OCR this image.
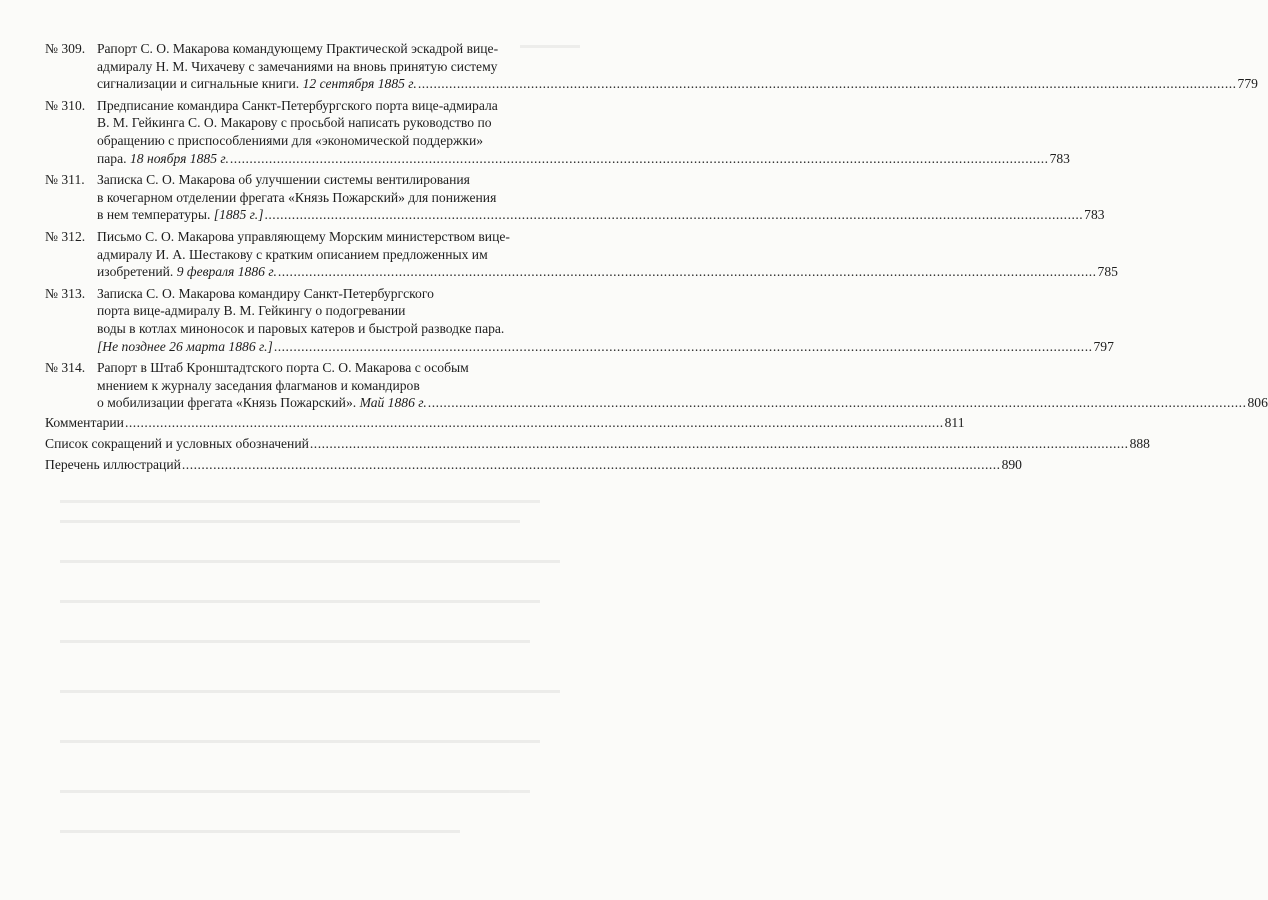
№ 309. Рапорт С. О. Макарова командующему Практической эскадрой вице-
адмиралу Н. М. Чихачеву с замечаниями на вновь принятую систему
сигнализации и сигнальные книги.
12 сентября 1885 г. .....	779
№ 310. Предписание командира Санкт-Петербургского порта вице-адмирала
В. М. Гейкинга С. О. Макарову с просьбой написать руководство по
обращению с приспособлениями для «экономической поддержки»
пара.
18 ноября 1885 г. .....	783
№ 311. Записка С. О. Макарова об улучшении системы вентилирования
в кочегарном отделении фрегата «Князь Пожарский» для понижения
в нем температуры.
[1885 г.] .....	783
№ 312. Письмо С. О. Макарова управляющему Морским министерством вице-
адмиралу И. А. Шестакову с кратким описанием предложенных им
изобретений.
9 февраля 1886 г. .....	785
№ 313. Записка С. О. Макарова командиру Санкт-Петербургского
порта вице-адмиралу В. М. Гейкингу о подогревании
воды в котлах миноносок и паровых катеров и быстрой разводке пара.
[Не позднее 26 марта 1886 г.] .....	797
№ 314. Рапорт в Штаб Кронштадтского порта С. О. Макарова с особым
мнением к журналу заседания флагманов и командиров
о мобилизации фрегата «Князь Пожарский».
Май 1886 г. .....	806
Комментарии .....	811
Список сокращений и условных обозначений .....	888
Перечень иллюстраций .....	890
